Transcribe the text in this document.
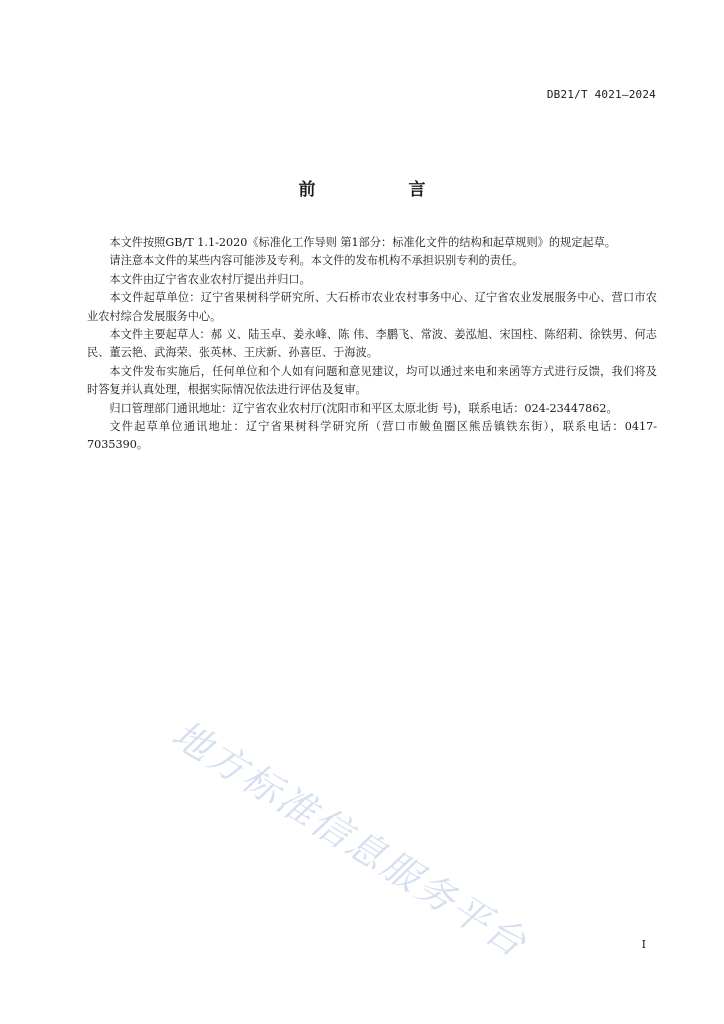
DB21/T 4021—2024
前　言

本文件按照GB/T 1.1-2020《标准化工作导则 第1部分：标准化文件的结构和起草规则》的规定起草。

请注意本文件的某些内容可能涉及专利。本文件的发布机构不承担识别专利的责任。

本文件由辽宁省农业农村厅提出并归口。

本文件起草单位：辽宁省果树科学研究所、大石桥市农业农村事务中心、辽宁省农业发展服务中心、营口市农业农村综合发展服务中心。

本文件主要起草人：郝 义、陆玉卓、姜永峰、陈 伟、李鹏飞、常波、姜泓旭、宋国柱、陈绍莉、徐铁男、何志民、董云艳、武海荣、张英林、王庆新、孙喜臣、于海波。

本文件发布实施后，任何单位和个人如有问题和意见建议，均可以通过来电和来函等方式进行反馈，我们将及时答复并认真处理，根据实际情况依法进行评估及复审。

归口管理部门通讯地址：辽宁省农业农村厅(沈阳市和平区太原北街 号)，联系电话：024-23447862。

文件起草单位通讯地址：辽宁省果树科学研究所（营口市鲅鱼圈区熊岳镇铁东街），联系电话：0417-7035390。

地方标准信息服务平台	I
